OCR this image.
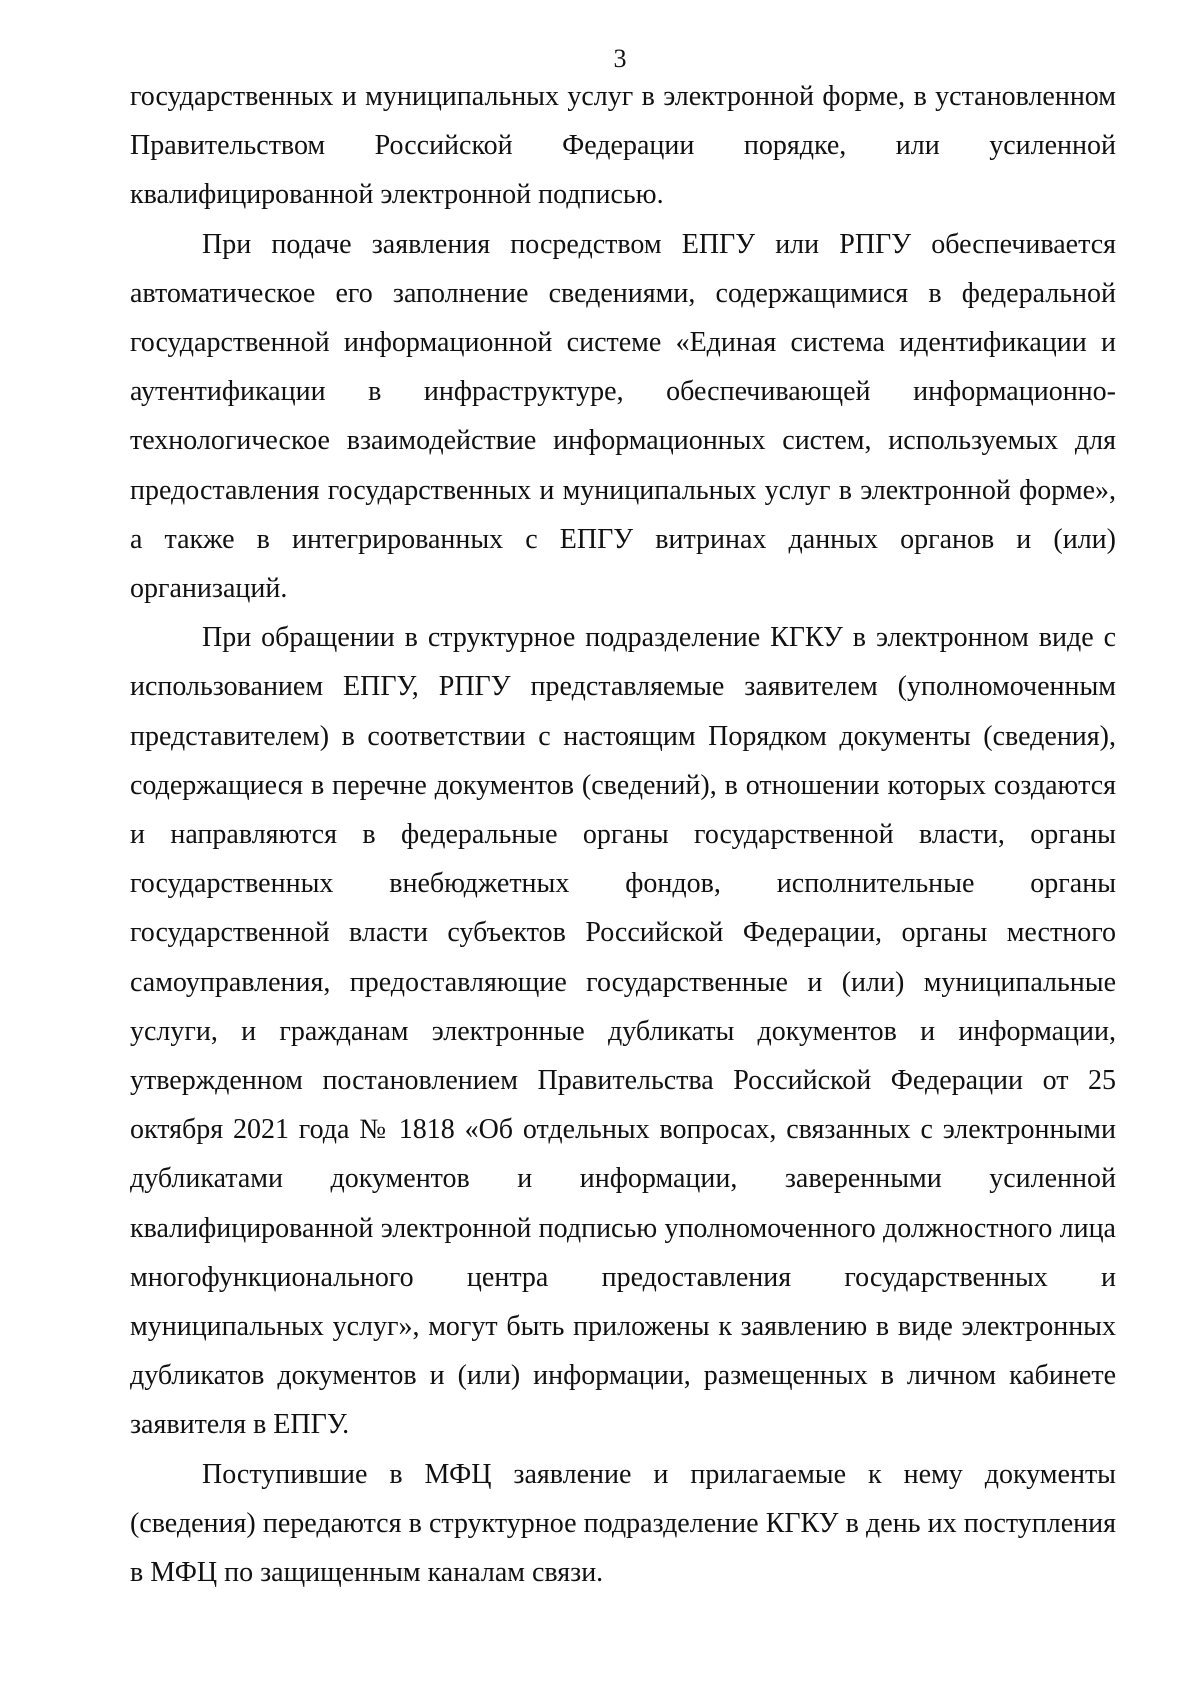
3

государственных и муниципальных услуг в электронной форме, в установленном Правительством Российской Федерации порядке, или усиленной квалифицированной электронной подписью.

При подаче заявления посредством ЕПГУ или РПГУ обеспечивается автоматическое его заполнение сведениями, содержащимися в федеральной государственной информационной системе «Единая система идентификации и аутентификации в инфраструктуре, обеспечивающей информационно-технологическое взаимодействие информационных систем, используемых для предоставления государственных и муниципальных услуг в электронной форме», а также в интегрированных с ЕПГУ витринах данных органов и (или) организаций.

При обращении в структурное подразделение КГКУ в электронном виде с использованием ЕПГУ, РПГУ представляемые заявителем (уполномоченным представителем) в соответствии с настоящим Порядком документы (сведения), содержащиеся в перечне документов (сведений), в отношении которых создаются и направляются в федеральные органы государственной власти, органы государственных внебюджетных фондов, исполнительные органы государственной власти субъектов Российской Федерации, органы местного самоуправления, предоставляющие государственные и (или) муниципальные услуги, и гражданам электронные дубликаты документов и информации, утвержденном постановлением Правительства Российской Федерации от 25 октября 2021 года № 1818 «Об отдельных вопросах, связанных с электронными дубликатами документов и информации, заверенными усиленной квалифицированной электронной подписью уполномоченного должностного лица многофункционального центра предоставления государственных и муниципальных услуг», могут быть приложены к заявлению в виде электронных дубликатов документов и (или) информации, размещенных в личном кабинете заявителя в ЕПГУ.

Поступившие в МФЦ заявление и прилагаемые к нему документы (сведения) передаются в структурное подразделение КГКУ в день их поступления в МФЦ по защищенным каналам связи.
